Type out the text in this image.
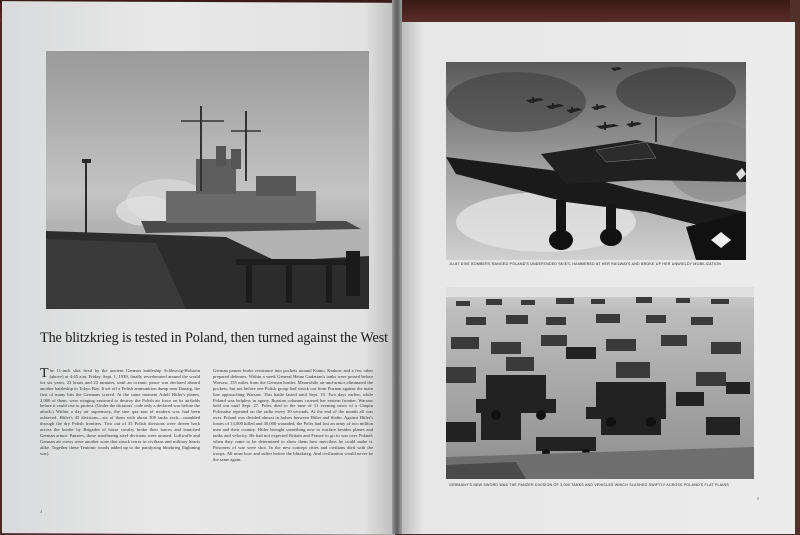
The blitzkrieg is tested in Poland, then turned against the West
The 11-inch shot fired by the ancient German battleship Schleswig-Holstein (above) at 4:45 a.m. Friday, Sept. 1, 1939, finally reverberated around the world for six years, 23 hours and 23 minutes, until an oceanic peace was declared aboard another battleship in Tokyo Bay. It set off a Polish ammunition dump near Danzig, the first of many hits the Germans scored. At the same moment Adolf Hitler's planes, 2,000 of them, were winging eastward to destroy the Polish air force on its airfields before it could rise to protest. (Under the dictators' code only a declared war before the attack.) Within a day air supremacy, the sine qua non of modern war, had been achieved. Hitler's 45 divisions—six of them with about 300 tanks each—crumbled through the dry Polish frontiers. Two out of 35 Polish divisions were driven back across the border by Brigades of horse cavalry broke their lances and launched German armor. Panzers, those smothering steel divisions were unused. Luftwaffe and German air crews were another zone that struck terror in civilians and military hearts alike. Together these Teutonic words added up to the paralyzing blitzkrieg (lightning war).
German panzer broke resistance into pockets around Kutno, Krakow and a few other prepared defenses. Within a week General Heinz Guderian's tanks were poised before Warsaw, 155 miles from the German border. Meanwhile air-and-armor eliminated the pockets, but not before one Polish group had struck out from Poznan against the main line approaching Warsaw. This battle lasted until Sept. 19. Two days earlier, while Poland was helpless in agony, Russian columns crossed her eastern frontier. Warsaw held out until Sept. 27. Poles died to the tune of 11 evening news of a Chopin Polonaise repeated on the radio every 30 seconds. At the end of the month all was over. Poland was divided almost in halves between Hitler and Stalin. Against Hitler's losses of 13,000 killed and 30,000 wounded, the Poles had lost an army of two million men and their country. Hitler brought something new to warfare besides planes and tanks and velocity. He had not expected Britain and France to go to war over Poland; when they came to be determined to show them how merciless he could make it. Prisoners of war were shot. In the new concept cities and civilians died with the troops. All must bow and suffer before the blitzkrieg. And civilization would never be the same again.
4
JU-87 DIVE BOMBERS RANGED POLAND'S UNDEFENDED SKIES, HAMMERED AT HER RAILWAYS AND BROKE UP HER UNWIELDY MOBILIZATION
GERMANY'S NEW SWORD WAS THE PANZER DIVISION OF 3,000 TANKS AND VEHICLES WHICH SLASHED SWIFTLY ACROSS POLAND'S FLAT PLAINS
5
